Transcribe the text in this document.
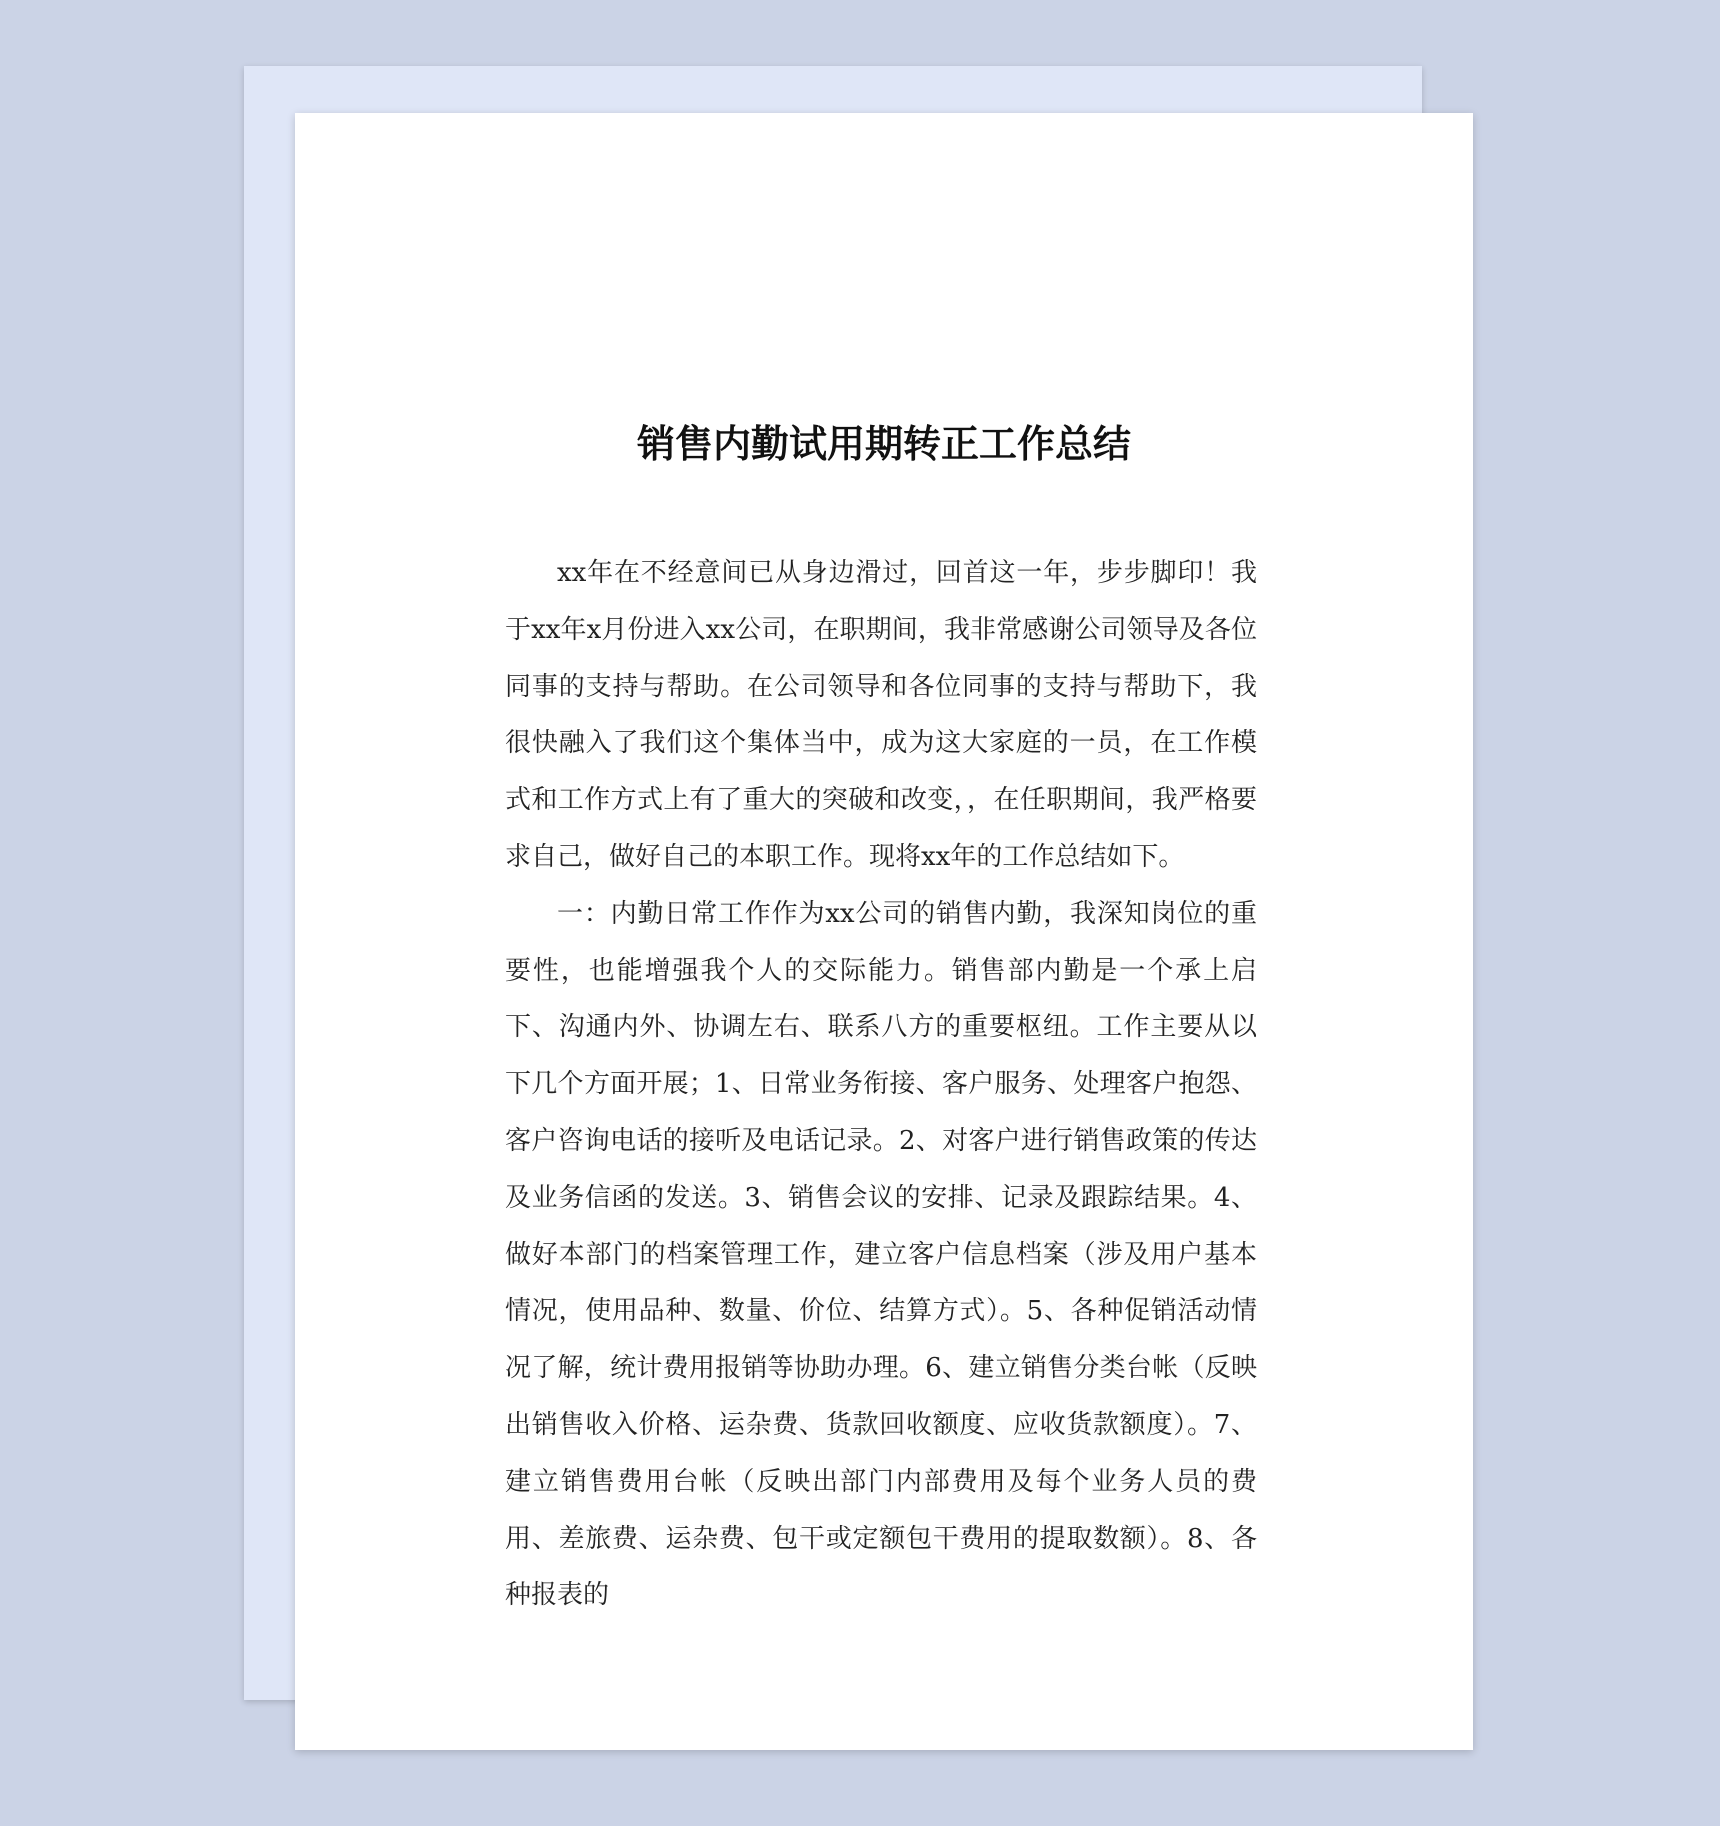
销售内勤试用期转正工作总结

xx年在不经意间已从身边滑过，回首这一年，步步脚印！我于xx年x月份进入xx公司，在职期间，我非常感谢公司领导及各位同事的支持与帮助。在公司领导和各位同事的支持与帮助下，我很快融入了我们这个集体当中，成为这大家庭的一员，在工作模式和工作方式上有了重大的突破和改变，，在任职期间，我严格要求自己，做好自己的本职工作。现将xx年的工作总结如下。

一：内勤日常工作作为xx公司的销售内勤，我深知岗位的重要性，也能增强我个人的交际能力。销售部内勤是一个承上启下、沟通内外、协调左右、联系八方的重要枢纽。工作主要从以下几个方面开展；1、日常业务衔接、客户服务、处理客户抱怨、客户咨询电话的接听及电话记录。2、对客户进行销售政策的传达及业务信函的发送。3、销售会议的安排、记录及跟踪结果。4、做好本部门的档案管理工作，建立客户信息档案（涉及用户基本情况，使用品种、数量、价位、结算方式）。5、各种促销活动情况了解，统计费用报销等协助办理。6、建立销售分类台帐（反映出销售收入价格、运杂费、货款回收额度、应收货款额度）。7、建立销售费用台帐（反映出部门内部费用及每个业务人员的费用、差旅费、运杂费、包干或定额包干费用的提取数额）。8、各种报表的
